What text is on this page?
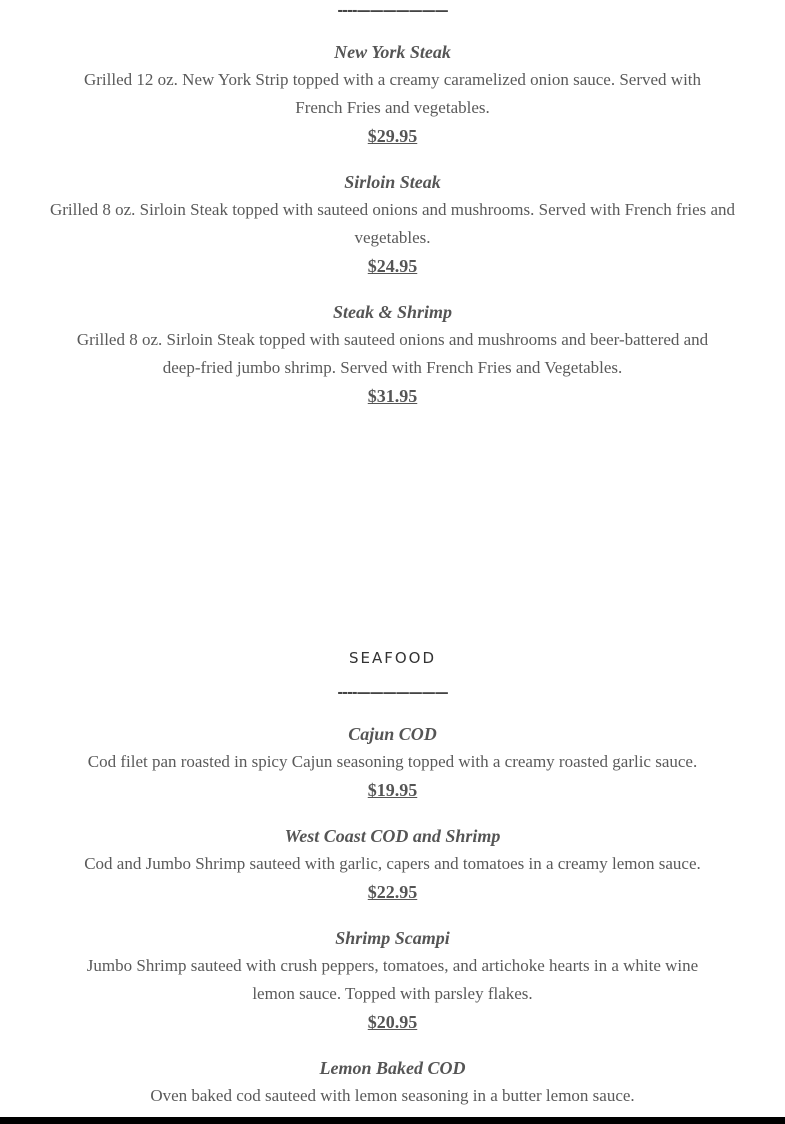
----———————
New York Steak
Grilled 12 oz. New York Strip topped with a creamy caramelized onion sauce. Served with French Fries and vegetables.
$29.95
Sirloin Steak
Grilled 8 oz. Sirloin Steak topped with sauteed onions and mushrooms. Served with French fries and vegetables.
$24.95
Steak & Shrimp
Grilled 8 oz. Sirloin Steak topped with sauteed onions and mushrooms and beer-battered and deep-fried jumbo shrimp. Served with French Fries and Vegetables.
$31.95
SEAFOOD
----———————
Cajun COD
Cod filet pan roasted in spicy Cajun seasoning topped with a creamy roasted garlic sauce.
$19.95
West Coast COD and Shrimp
Cod and Jumbo Shrimp sauteed with garlic, capers and tomatoes in a creamy lemon sauce.
$22.95
Shrimp Scampi
Jumbo Shrimp sauteed with crush peppers, tomatoes, and artichoke hearts in a white wine lemon sauce. Topped with parsley flakes.
$20.95
Lemon Baked COD
Oven baked cod sauteed with lemon seasoning in a butter lemon sauce.
